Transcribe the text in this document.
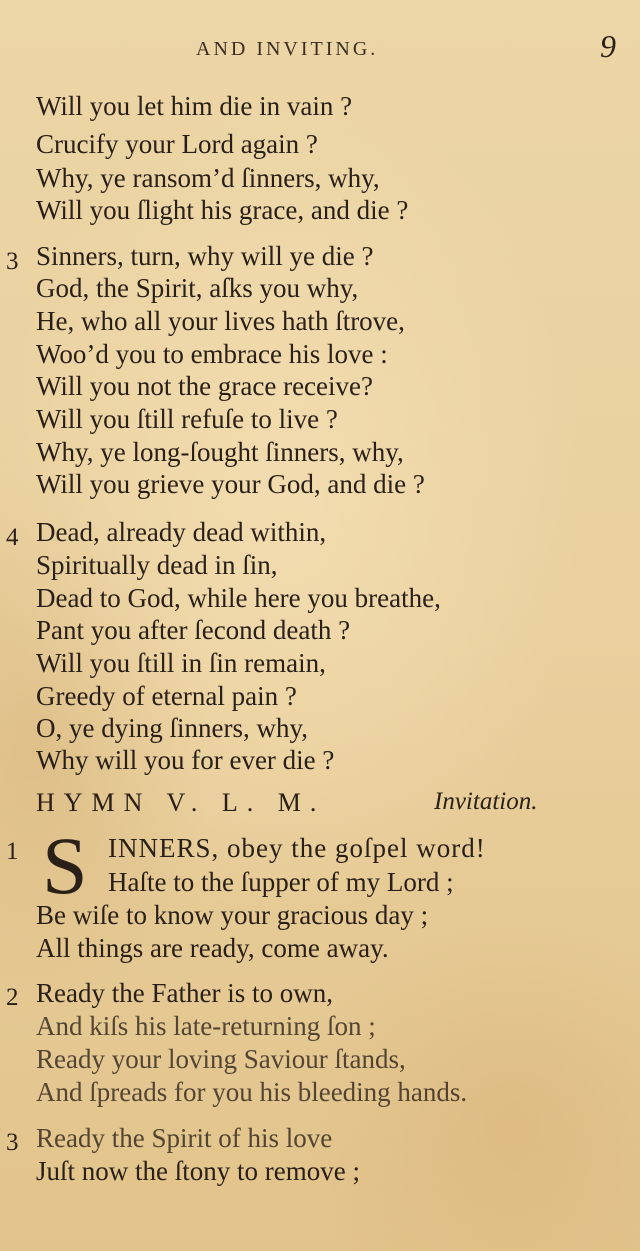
AND INVITING.	9
Will you let him die in vain ?
Crucify your Lord again ?
Why, ye ransom’d ſinners, why,
Will you ſlight his grace, and die ?
3 Sinners, turn, why will ye die ?
God, the Spirit, aſks you why,
He, who all your lives hath ſtrove,
Woo’d you to embrace his love :
Will you not the grace receive?
Will you ſtill refuſe to live ?
Why, ye long-ſought ſinners, why,
Will you grieve your God, and die ?
4 Dead, already dead within,
Spiritually dead in ſin,
Dead to God, while here you breathe,
Pant you after ſecond death ?
Will you ſtill in ſin remain,
Greedy of eternal pain ?
O, ye dying ſinners, why,
Why will you for ever die ?
HYMN V. L. M.	Invitation.
1 S INNERS, obey the goſpel word!
Haſte to the ſupper of my Lord ;
Be wiſe to know your gracious day ;
All things are ready, come away.
2 Ready the Father is to own,
And kiſs his late-returning ſon ;
Ready your loving Saviour ſtands,
And ſpreads for you his bleeding hands.
3 Ready the Spirit of his love
Juſt now the ſtony to remove ;
